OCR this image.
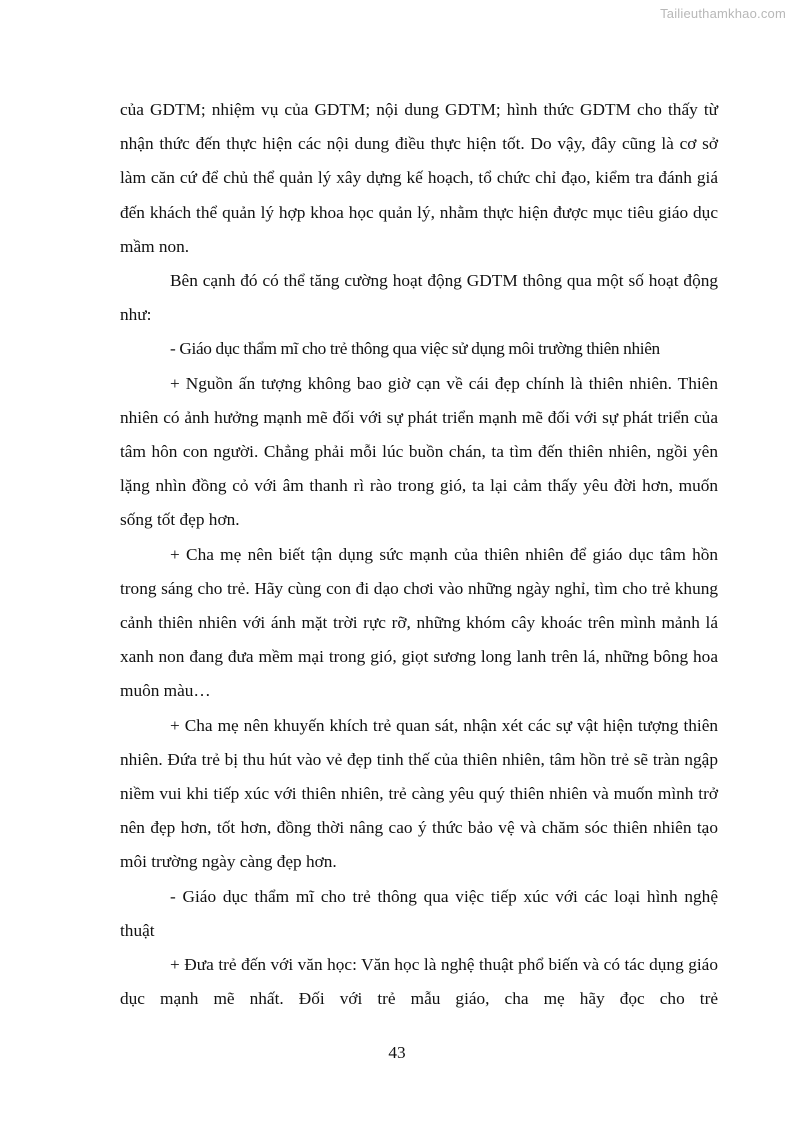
Tailieuthamkhao.com

của GDTM; nhiệm vụ của GDTM; nội dung GDTM; hình thức GDTM cho thấy từ nhận thức đến thực hiện các nội dung điều thực hiện tốt. Do vậy, đây cũng là cơ sở làm căn cứ để chủ thể quản lý xây dựng kế hoạch, tổ chức chỉ đạo, kiểm tra đánh giá đến khách thể quản lý hợp khoa học quản lý, nhằm thực hiện được mục tiêu giáo dục mầm non.

Bên cạnh đó có thể tăng cường hoạt động GDTM thông qua một số hoạt động như:

- Giáo dục thẩm mĩ cho trẻ thông qua việc sử dụng môi trường thiên nhiên

+ Nguồn ấn tượng không bao giờ cạn về cái đẹp chính là thiên nhiên. Thiên nhiên có ảnh hưởng mạnh mẽ đối với sự phát triển mạnh mẽ đối với sự phát triển của tâm hôn con người. Chẳng phải mỗi lúc buồn chán, ta tìm đến thiên nhiên, ngồi yên lặng nhìn đồng cỏ với âm thanh rì rào trong gió, ta lại cảm thấy yêu đời hơn, muốn sống tốt đẹp hơn.

+ Cha mẹ nên biết tận dụng sức mạnh của thiên nhiên để giáo dục tâm hồn trong sáng cho trẻ. Hãy cùng con đi dạo chơi vào những ngày nghỉ, tìm cho trẻ khung cảnh thiên nhiên với ánh mặt trời rực rỡ, những khóm cây khoác trên mình mảnh lá xanh non đang đưa mềm mại trong gió, giọt sương long lanh trên lá, những bông hoa muôn màu…

+ Cha mẹ nên khuyến khích trẻ quan sát, nhận xét các sự vật hiện tượng thiên nhiên. Đứa trẻ bị thu hút vào vẻ đẹp tinh thế của thiên nhiên, tâm hồn trẻ sẽ tràn ngập niềm vui khi tiếp xúc với thiên nhiên, trẻ càng yêu quý thiên nhiên và muốn mình trở nên đẹp hơn, tốt hơn, đồng thời nâng cao ý thức bảo vệ và chăm sóc thiên nhiên tạo môi trường ngày càng đẹp hơn.

- Giáo dục thẩm mĩ cho trẻ thông qua việc tiếp xúc với các loại hình nghệ thuật

+ Đưa trẻ đến với văn học: Văn học là nghệ thuật phổ biến và có tác dụng giáo dục mạnh mẽ nhất. Đối với trẻ mẫu giáo, cha mẹ hãy đọc cho trẻ

43
